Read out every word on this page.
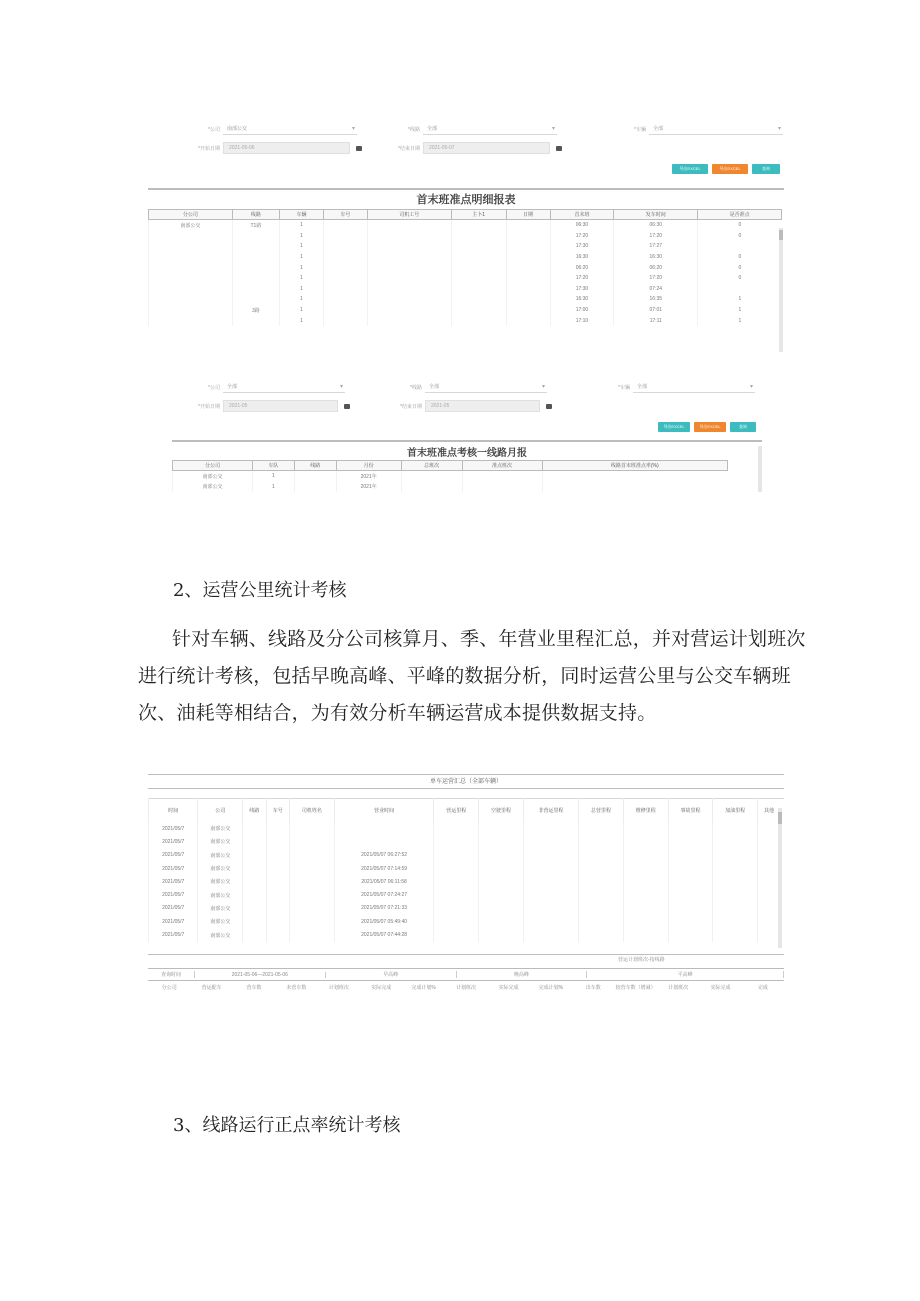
*公司	南部公交 ▾	*线路	全部 ▾	*车辆	全部 ▾
*开始日期	2021-05-06	*结束日期	2021-05-07
导出EXCEL	导出EXCEL	查询
首末班准点明细报表
分公司	线路	车辆	车号	司机工号	主卜1	日期	首末班	发车时间	是否准点
南部公交	T1路	1					06:30	06:30	0
		1					17:20	17:20	0
		1					17:30	17:27	
		1					16:30	16:30	0
		1					06:20	06:20	0
		1					17:20	17:20	0
		1					17:30	07:24	
		1					16:30	16:35	1
	3路	1					17:00	07:01	1
		1					17:10	17:11	1
*公司	全部 ▾	*线路	全部 ▾	*车辆	全部 ▾
*开始日期	2021-05	*结束日期	2021-05
导出EXCEL	导出EXCEL	查询
首末班准点考核一线路月报
分公司	车队	线路	月份	总班次	准点班次	线路首末班准点率(%)
南部公交	1		2021年			
南部公交	1		2021年			
2、运营公里统计考核
针对车辆、线路及分公司核算月、季、年营业里程汇总，并对营运计划班次进行统计考核，包括早晚高峰、平峰的数据分析，同时运营公里与公交车辆班次、油耗等相结合，为有效分析车辆运营成本提供数据支持。
单车运营汇总（全部车辆）
时间	公司	线路	车号	司机姓名	营业时间	营运里程	空驶里程	非营运里程	总营里程	维修里程	事故里程	加油里程	其他
2021/05/7	南部公交												
2021/05/7	南部公交												
2021/05/7	南部公交				2021/05/07 06:27:52								
2021/05/7	南部公交				2021/05/07 07:14:59								
2021/05/7	南部公交				2021/05/07 06:11:58								
2021/05/7	南部公交				2021/05/07 07:24:27								
2021/05/7	南部公交				2021/05/07 07:21:33								
2021/05/7	南部公交				2021/05/07 05:49:40								
2021/05/7	南部公交				2021/05/07 07:44:28								
营运计划班次-按线路
查询时间	2021-05-06—2021-05-06	早高峰	晚高峰	平高峰
分公司	营运配车	营车数	未营车数	计划班次	实际完成	完成计划%	计划班次	实际完成	完成计划%	出车数	较营车数（增减）	计划班次	实际完成	完成
3、线路运行正点率统计考核
